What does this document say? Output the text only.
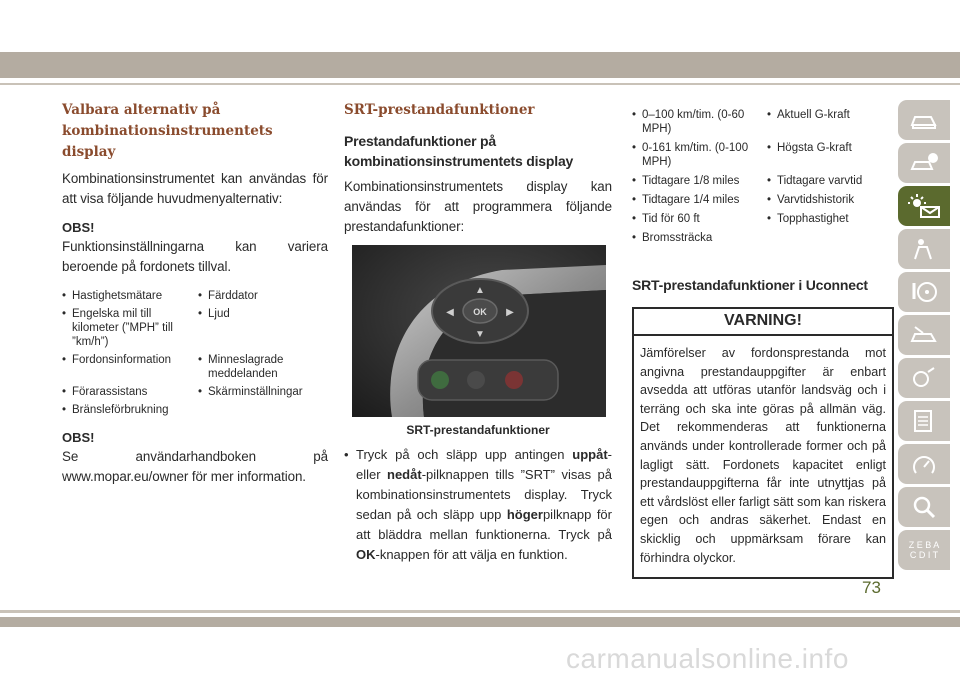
Valbara alternativ på
kombinationsinstrumentets display

Kombinationsinstrumentet kan användas för att visa följande huvudmenyalternativ:

OBS!

Funktionsinställningarna kan variera beroende på fordonets tillval.

• Hastighetsmätare	• Färddator
• Engelska mil till kilometer (”MPH” till ”km/h”)
• Ljud
• Fordonsinformation • Minneslagrade meddelanden
• Förarassistans	• Skärminställningar
• Bränsleförbrukning
OBS!

Se användarhandboken på www.mopar.eu/owner för mer information.

SRT-prestandafunktioner
Prestandafunktioner på kombinationsinstrumentets display

Kombinationsinstrumentets display kan användas för att programmera följande prestandafunktioner:

OK
▲
▼
◀	▶
SRT-prestandafunktioner
• Tryck på och släpp upp antingen uppåt- eller nedåt-pilknappen tills ”SRT” visas på kombinationsinstrumentets display. Tryck sedan på och släpp upp högerpilknapp för att bläddra mellan funktionerna. Tryck på OK-knappen för att välja en funktion.
• 0–100 km/tim. (0-60 MPH)
• Aktuell G-kraft
• 0-161 km/tim. (0-100 MPH)
• Högsta G-kraft
• Tidtagare 1/8 miles • Tidtagare varvtid
• Tidtagare 1/4 miles • Varvtidshistorik
• Tid för 60 ft	• Topphastighet
• Bromssträcka
SRT-prestandafunktioner i Uconnect
VARNING!
Jämförelser av fordonsprestanda mot angivna prestandauppgifter är enbart avsedda att utföras utanför landsväg och i terräng och ska inte göras på allmän väg. Det rekommenderas att funktionerna används under kontrollerade former och på lagligt sätt. Fordonets kapacitet enligt prestandauppgifterna får inte utnyttjas på ett vårdslöst eller farligt sätt som kan riskera egen och andras säkerhet. Endast en skicklig och uppmärksam förare kan förhindra olyckor.
Z E B A C D I T
73
carmanualsonline.info
